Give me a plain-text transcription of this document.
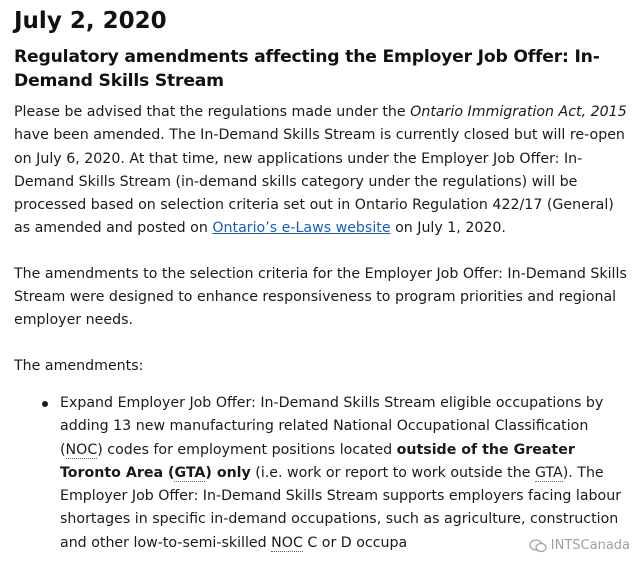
July 2, 2020
Regulatory amendments affecting the Employer Job Offer: In-Demand Skills Stream

Please be advised that the regulations made under the Ontario Immigration Act, 2015 have been amended. The In-Demand Skills Stream is currently closed but will re-open on July 6, 2020. At that time, new applications under the Employer Job Offer: In-Demand Skills Stream (in-demand skills category under the regulations) will be processed based on selection criteria set out in Ontario Regulation 422/17 (General) as amended and posted on Ontario’s e-Laws website on July 1, 2020.

The amendments to the selection criteria for the Employer Job Offer: In-Demand Skills Stream were designed to enhance responsiveness to program priorities and regional employer needs.

The amendments:

Expand Employer Job Offer: In-Demand Skills Stream eligible occupations by adding 13 new manufacturing related National Occupational Classification (NOC) codes for employment positions located outside of the Greater Toronto Area (GTA) only (i.e. work or report to work outside the GTA). The Employer Job Offer: In-Demand Skills Stream supports employers facing labour shortages in specific in-demand occupations, such as agriculture, construction and other low-to-semi-skilled NOC C or D occupa	INTSCanada
